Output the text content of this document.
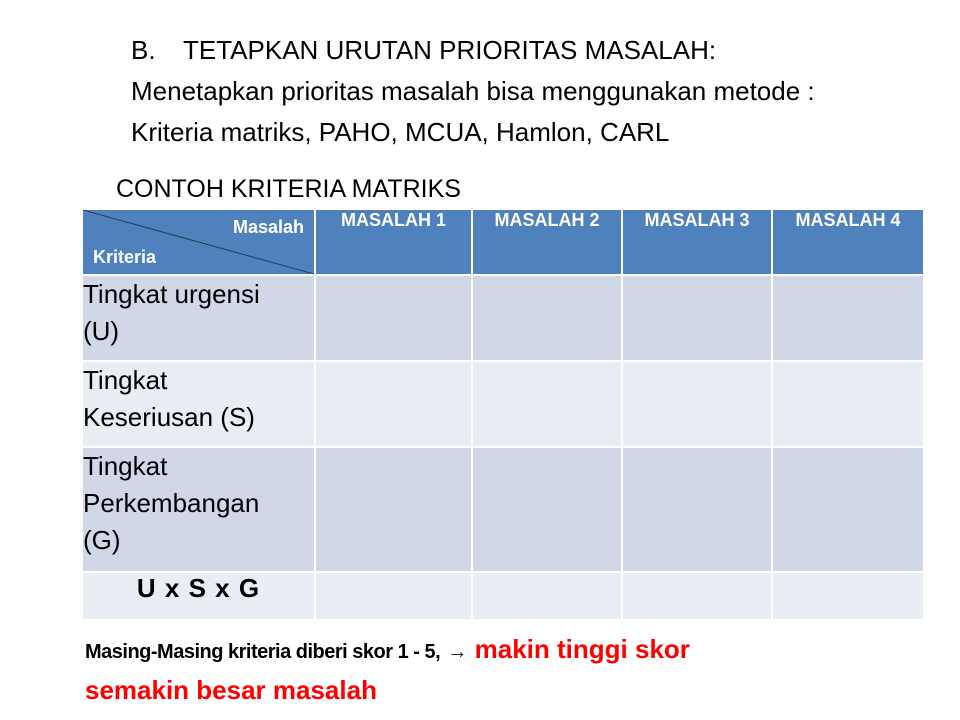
B. TETAPKAN URUTAN PRIORITAS MASALAH:
Menetapkan prioritas masalah bisa menggunakan metode :
Kriteria matriks, PAHO, MCUA, Hamlon, CARL
CONTOH KRITERIA MATRIKS
Masalah
Kriteria	MASALAH 1	MASALAH 2	MASALAH 3	MASALAH 4

Tingkat urgensi
(U)				

Tingkat
Keseriusan (S)				

Tingkat
Perkembangan
(G)				

U x S x G				
Masing-Masing kriteria diberi skor 1 - 5, → makin tinggi skor
semakin besar masalah
